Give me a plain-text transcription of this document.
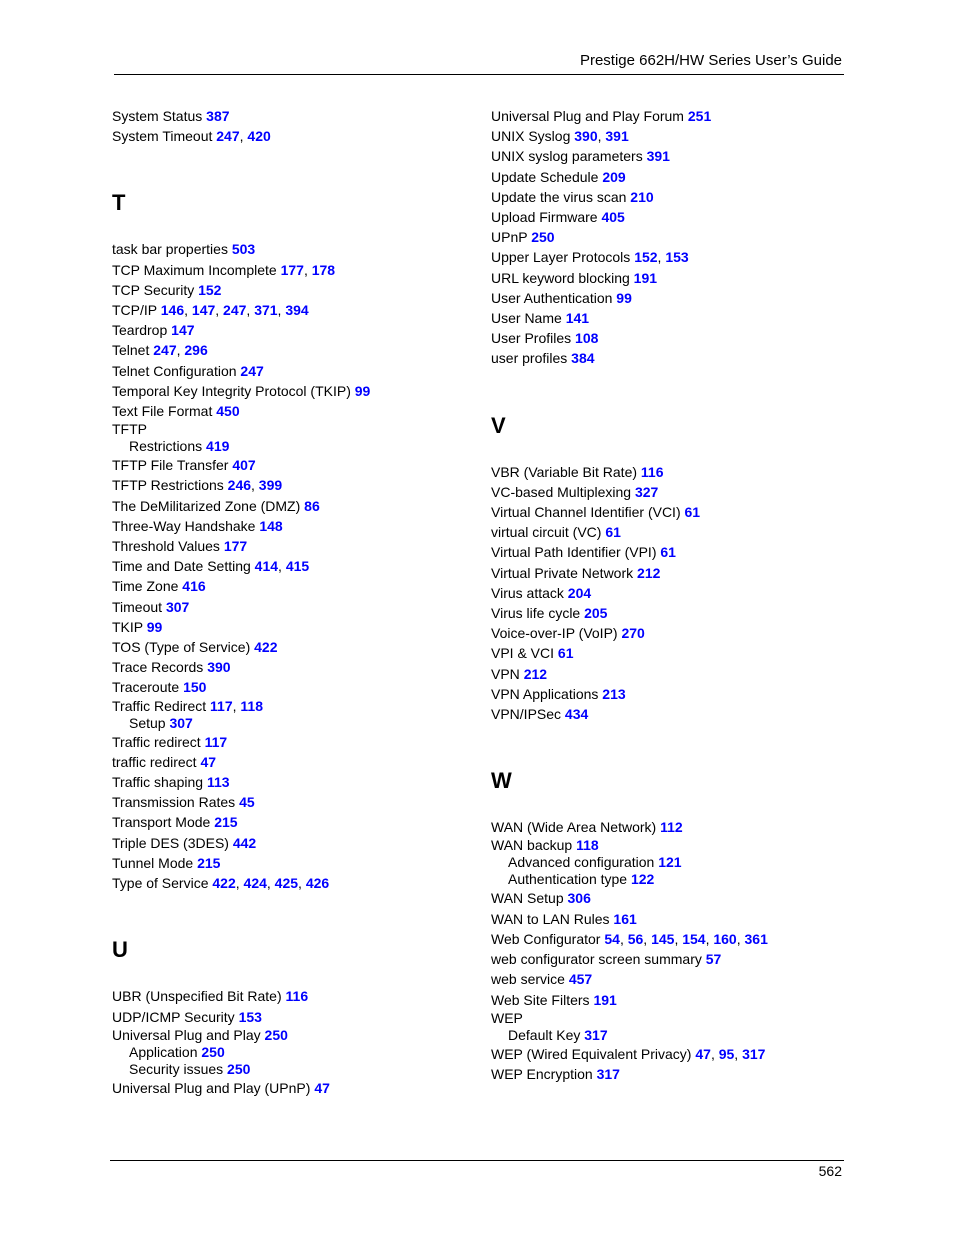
Prestige 662H/HW Series User’s Guide
System Status 387
System Timeout 247, 420
T
task bar properties 503
TCP Maximum Incomplete 177, 178
TCP Security 152
TCP/IP 146, 147, 247, 371, 394
Teardrop 147
Telnet 247, 296
Telnet Configuration 247
Temporal Key Integrity Protocol (TKIP) 99
Text File Format 450
TFTP
Restrictions 419
TFTP File Transfer 407
TFTP Restrictions 246, 399
The DeMilitarized Zone (DMZ) 86
Three-Way Handshake 148
Threshold Values 177
Time and Date Setting 414, 415
Time Zone 416
Timeout 307
TKIP 99
TOS (Type of Service) 422
Trace Records 390
Traceroute 150
Traffic Redirect 117, 118
Setup 307
Traffic redirect 117
traffic redirect 47
Traffic shaping 113
Transmission Rates 45
Transport Mode 215
Triple DES (3DES) 442
Tunnel Mode 215
Type of Service 422, 424, 425, 426
U
UBR (Unspecified Bit Rate) 116
UDP/ICMP Security 153
Universal Plug and Play 250
Application 250
Security issues 250
Universal Plug and Play (UPnP) 47
Universal Plug and Play Forum 251
UNIX Syslog 390, 391
UNIX syslog parameters 391
Update Schedule 209
Update the virus scan 210
Upload Firmware 405
UPnP 250
Upper Layer Protocols 152, 153
URL keyword blocking 191
User Authentication 99
User Name 141
User Profiles 108
user profiles 384
V
VBR (Variable Bit Rate) 116
VC-based Multiplexing 327
Virtual Channel Identifier (VCI) 61
virtual circuit (VC) 61
Virtual Path Identifier (VPI) 61
Virtual Private Network 212
Virus attack 204
Virus life cycle 205
Voice-over-IP (VoIP) 270
VPI & VCI 61
VPN 212
VPN Applications 213
VPN/IPSec 434
W
WAN (Wide Area Network) 112
WAN backup 118
Advanced configuration 121
Authentication type 122
WAN Setup 306
WAN to LAN Rules 161
Web Configurator 54, 56, 145, 154, 160, 361
web configurator screen summary 57
web service 457
Web Site Filters 191
WEP
Default Key 317
WEP (Wired Equivalent Privacy) 47, 95, 317
WEP Encryption 317
562
